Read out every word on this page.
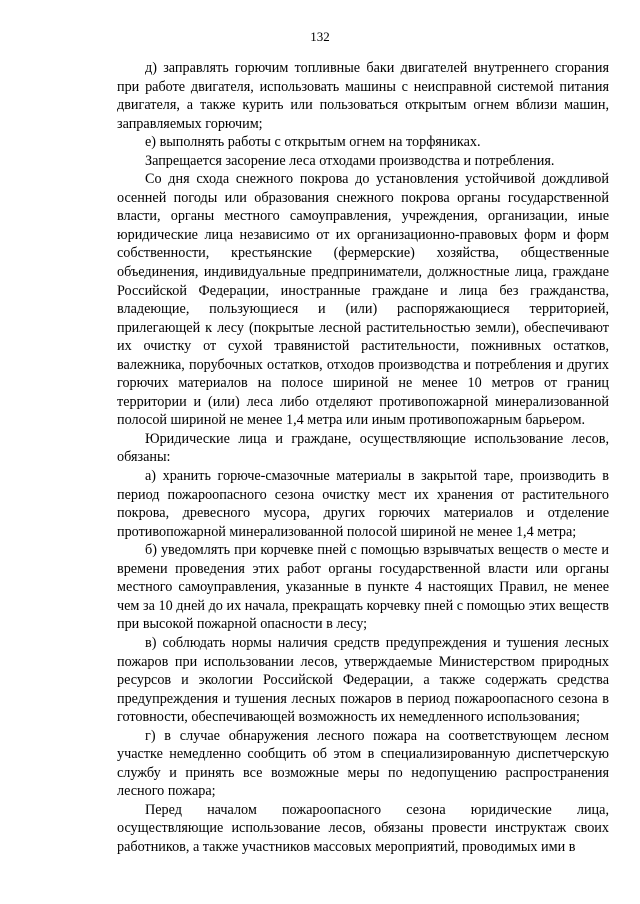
132

д) заправлять горючим топливные баки двигателей внутреннего сгорания при работе двигателя, использовать машины с неисправной системой питания двигателя, а также курить или пользоваться открытым огнем вблизи машин, заправляемых горючим;

е) выполнять работы с открытым огнем на торфяниках.

Запрещается засорение леса отходами производства и потребления.

Со дня схода снежного покрова до установления устойчивой дождливой осенней погоды или образования снежного покрова органы государственной власти, органы местного самоуправления, учреждения, организации, иные юридические лица независимо от их организационно-правовых форм и форм собственности, крестьянские (фермерские) хозяйства, общественные объединения, индивидуальные предприниматели, должностные лица, граждане Российской Федерации, иностранные граждане и лица без гражданства, владеющие, пользующиеся и (или) распоряжающиеся территорией, прилегающей к лесу (покрытые лесной растительностью земли), обеспечивают их очистку от сухой травянистой растительности, пожнивных остатков, валежника, порубочных остатков, отходов производства и потребления и других горючих материалов на полосе шириной не менее 10 метров от границ территории и (или) леса либо отделяют противопожарной минерализованной полосой шириной не менее 1,4 метра или иным противопожарным барьером.

Юридические лица и граждане, осуществляющие использование лесов, обязаны:

а) хранить горюче-смазочные материалы в закрытой таре, производить в период пожароопасного сезона очистку мест их хранения от растительного покрова, древесного мусора, других горючих материалов и отделение противопожарной минерализованной полосой шириной не менее 1,4 метра;

б) уведомлять при корчевке пней с помощью взрывчатых веществ о месте и времени проведения этих работ органы государственной власти или органы местного самоуправления, указанные в пункте 4 настоящих Правил, не менее чем за 10 дней до их начала, прекращать корчевку пней с помощью этих веществ при высокой пожарной опасности в лесу;

в) соблюдать нормы наличия средств предупреждения и тушения лесных пожаров при использовании лесов, утверждаемые Министерством природных ресурсов и экологии Российской Федерации, а также содержать средства предупреждения и тушения лесных пожаров в период пожароопасного сезона в готовности, обеспечивающей возможность их немедленного использования;

г) в случае обнаружения лесного пожара на соответствующем лесном участке немедленно сообщить об этом в специализированную диспетчерскую службу и принять все возможные меры по недопущению распространения лесного пожара;

Перед началом пожароопасного сезона юридические лица, осуществляющие использование лесов, обязаны провести инструктаж своих работников, а также участников массовых мероприятий, проводимых ими в
